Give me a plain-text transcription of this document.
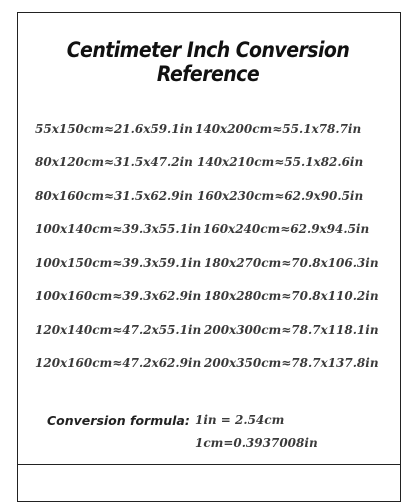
Centimeter Inch Conversion Reference
55x150cm≈21.6x59.1in 140x200cm≈55.1x78.7in
80x120cm≈31.5x47.2in 140x210cm≈55.1x82.6in
80x160cm≈31.5x62.9in 160x230cm≈62.9x90.5in
100x140cm≈39.3x55.1in 160x240cm≈62.9x94.5in
100x150cm≈39.3x59.1in 180x270cm≈70.8x106.3in
100x160cm≈39.3x62.9in 180x280cm≈70.8x110.2in
120x140cm≈47.2x55.1in 200x300cm≈78.7x118.1in
120x160cm≈47.2x62.9in 200x350cm≈78.7x137.8in
Conversion formula: 1in = 2.54cm
1cm=0.3937008in
